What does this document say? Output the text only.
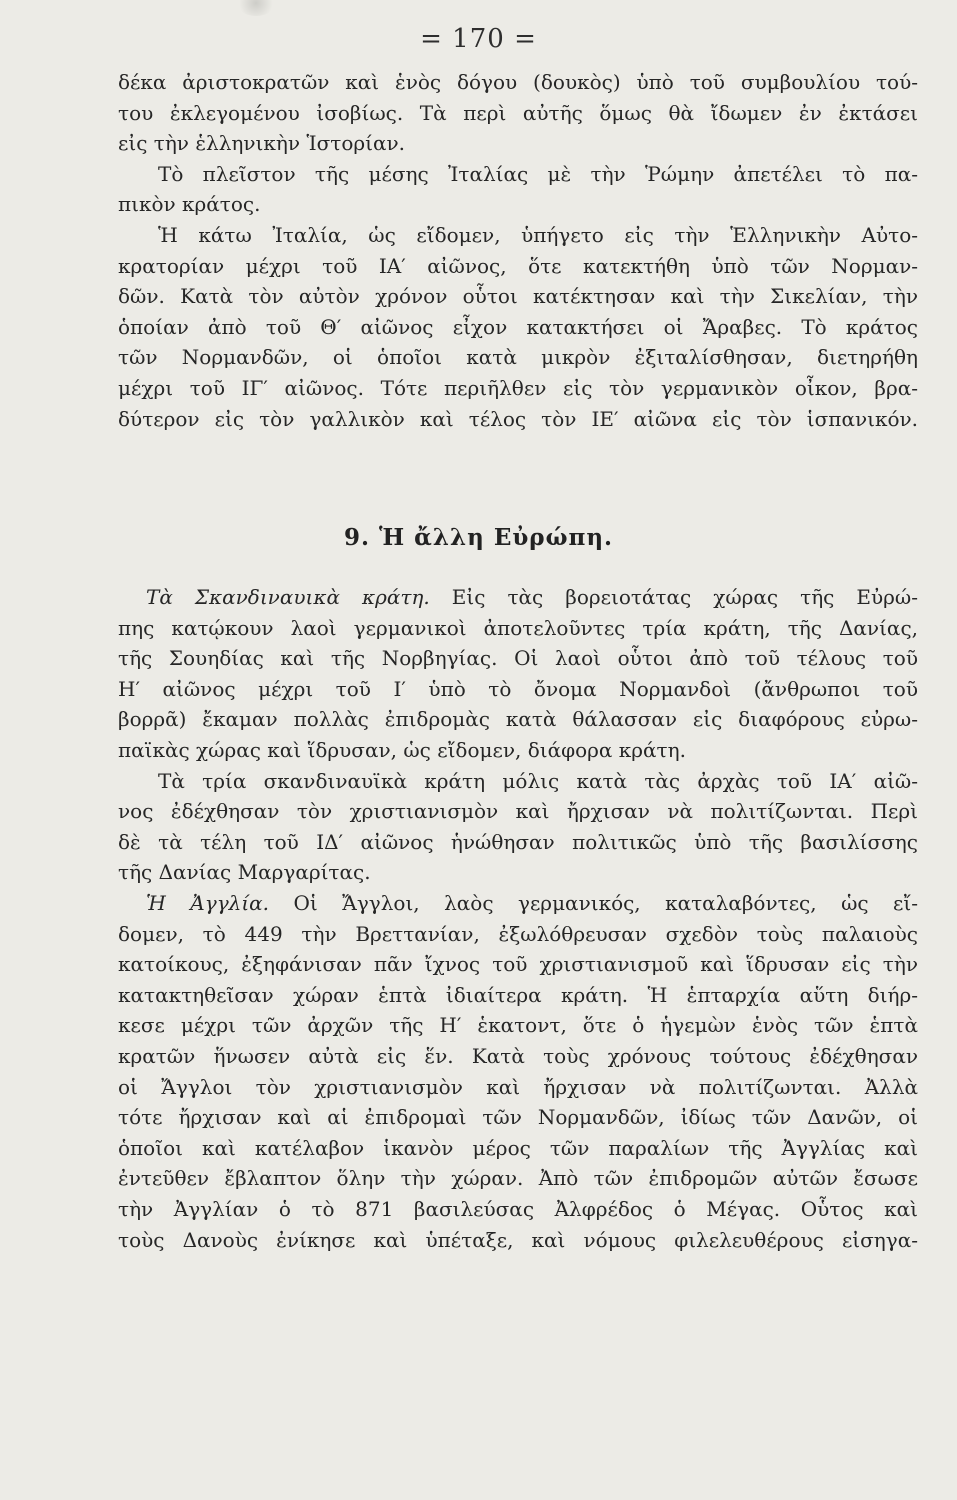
= 170 =
δέκα ἀριστοκρατῶν καὶ ἑνὸς δόγου (δουκὸς) ὑπὸ τοῦ συμβουλίου τού-
του ἐκλεγομένου ἰσοβίως. Τὰ περὶ αὐτῆς ὅμως θὰ ἴδωμεν ἐν ἐκτάσει
εἰς τὴν ἑλληνικὴν Ἱστορίαν.
Τὸ πλεῖστον τῆς μέσης Ἰταλίας μὲ τὴν Ῥώμην ἀπετέλει τὸ πα-
πικὸν κράτος.
Ἡ κάτω Ἰταλία, ὡς εἴδομεν, ὑπήγετο εἰς τὴν Ἑλληνικὴν Αὐτο-
κρατορίαν μέχρι τοῦ ΙΑ′ αἰῶνος, ὅτε κατεκτήθη ὑπὸ τῶν Νορμαν-
δῶν. Κατὰ τὸν αὐτὸν χρόνον οὗτοι κατέκτησαν καὶ τὴν Σικελίαν, τὴν
ὁποίαν ἀπὸ τοῦ Θ′ αἰῶνος εἶχον κατακτήσει οἱ Ἄραβες. Τὸ κράτος
τῶν Νορμανδῶν, οἱ ὁποῖοι κατὰ μικρὸν ἐξιταλίσθησαν, διετηρήθη
μέχρι τοῦ ΙΓ′ αἰῶνος. Τότε περιῆλθεν εἰς τὸν γερμανικὸν οἶκον, βρα-
δύτερον εἰς τὸν γαλλικὸν καὶ τέλος τὸν ΙΕ′ αἰῶνα εἰς τὸν ἱσπανικόν.
9. Ἡ ἄλλη Εὐρώπη.
Τὰ Σκανδιναυικὰ κράτη. Εἰς τὰς βορειοτάτας χώρας τῆς Εὐρώ-
πης κατῴκουν λαοὶ γερμανικοὶ ἀποτελοῦντες τρία κράτη, τῆς Δανίας,
τῆς Σουηδίας καὶ τῆς Νορβηγίας. Οἱ λαοὶ οὗτοι ἀπὸ τοῦ τέλους τοῦ
Η′ αἰῶνος μέχρι τοῦ Ι′ ὑπὸ τὸ ὄνομα Νορμανδοὶ (ἄνθρωποι τοῦ
βορρᾶ) ἔκαμαν πολλὰς ἐπιδρομὰς κατὰ θάλασσαν εἰς διαφόρους εὐρω-
παϊκὰς χώρας καὶ ἵδρυσαν, ὡς εἴδομεν, διάφορα κράτη.
Τὰ τρία σκανδιναυϊκὰ κράτη μόλις κατὰ τὰς ἀρχὰς τοῦ ΙΑ′ αἰῶ-
νος ἐδέχθησαν τὸν χριστιανισμὸν καὶ ἤρχισαν νὰ πολιτίζωνται. Περὶ
δὲ τὰ τέλη τοῦ ΙΔ′ αἰῶνος ἡνώθησαν πολιτικῶς ὑπὸ τῆς βασιλίσσης
τῆς Δανίας Μαργαρίτας.
Ἡ Ἀγγλία. Οἱ Ἄγγλοι, λαὸς γερμανικός, καταλαβόντες, ὡς εἴ-
δομεν, τὸ 449 τὴν Βρεττανίαν, ἐξωλόθρευσαν σχεδὸν τοὺς παλαιοὺς
κατοίκους, ἐξηφάνισαν πᾶν ἴχνος τοῦ χριστιανισμοῦ καὶ ἵδρυσαν εἰς τὴν
κατακτηθεῖσαν χώραν ἑπτὰ ἰδιαίτερα κράτη. Ἡ ἑπταρχία αὕτη διήρ-
κεσε μέχρι τῶν ἀρχῶν τῆς Η′ ἑκατοντ, ὅτε ὁ ἡγεμὼν ἑνὸς τῶν ἑπτὰ
κρατῶν ἥνωσεν αὐτὰ εἰς ἕν. Κατὰ τοὺς χρόνους τούτους ἐδέχθησαν
οἱ Ἄγγλοι τὸν χριστιανισμὸν καὶ ἤρχισαν νὰ πολιτίζωνται. Ἀλλὰ
τότε ἤρχισαν καὶ αἱ ἐπιδρομαὶ τῶν Νορμανδῶν, ἰδίως τῶν Δανῶν, οἱ
ὁποῖοι καὶ κατέλαβον ἱκανὸν μέρος τῶν παραλίων τῆς Ἀγγλίας καὶ
ἐντεῦθεν ἔβλαπτον ὅλην τὴν χώραν. Ἀπὸ τῶν ἐπιδρομῶν αὐτῶν ἔσωσε
τὴν Ἀγγλίαν ὁ τὸ 871 βασιλεύσας Ἀλφρέδος ὁ Μέγας. Οὗτος καὶ
τοὺς Δανοὺς ἐνίκησε καὶ ὑπέταξε, καὶ νόμους φιλελευθέρους εἰσηγα-
